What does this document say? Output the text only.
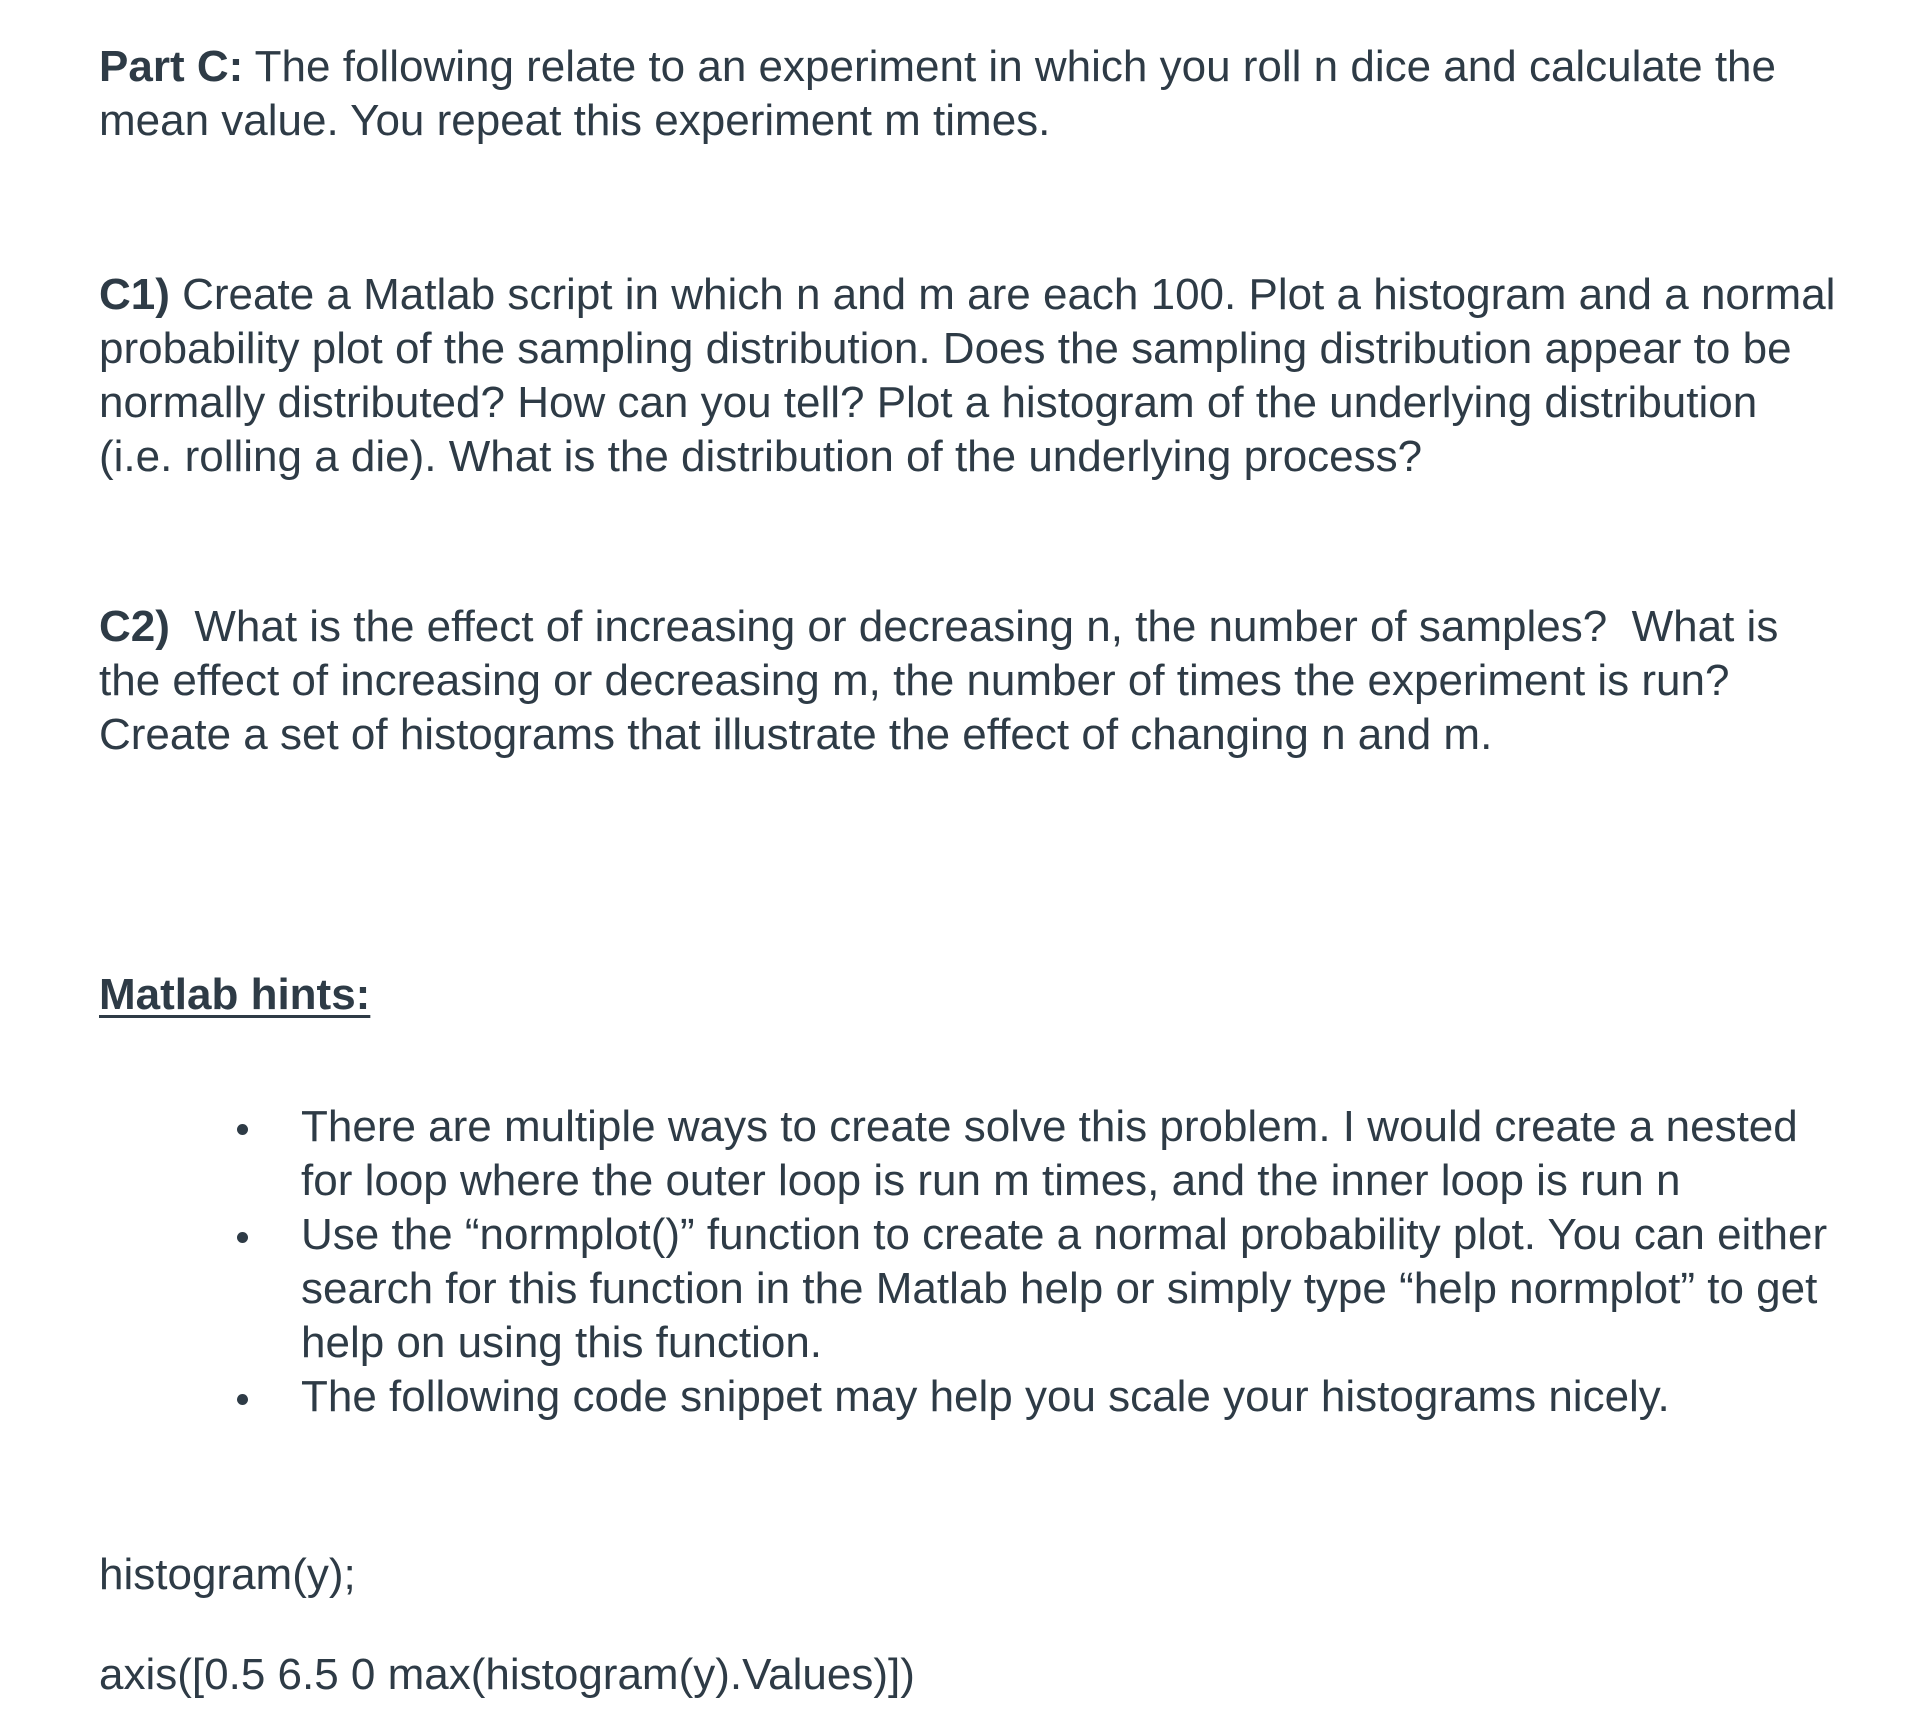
Part C: The following relate to an experiment in which you roll n dice and calculate the mean value. You repeat this experiment m times.

C1) Create a Matlab script in which n and m are each 100. Plot a histogram and a normal probability plot of the sampling distribution. Does the sampling distribution appear to be normally distributed? How can you tell? Plot a histogram of the underlying distribution (i.e. rolling a die). What is the distribution of the underlying process?

C2)  What is the effect of increasing or decreasing n, the number of samples?  What is the effect of increasing or decreasing m, the number of times the experiment is run?  Create a set of histograms that illustrate the effect of changing n and m.

Matlab hints:
There are multiple ways to create solve this problem. I would create a nested for loop where the outer loop is run m times, and the inner loop is run n
Use the “normplot()” function to create a normal probability plot. You can either search for this function in the Matlab help or simply type “help normplot” to get help on using this function.
The following code snippet may help you scale your histograms nicely.
histogram(y);
axis([0.5 6.5 0 max(histogram(y).Values)])
